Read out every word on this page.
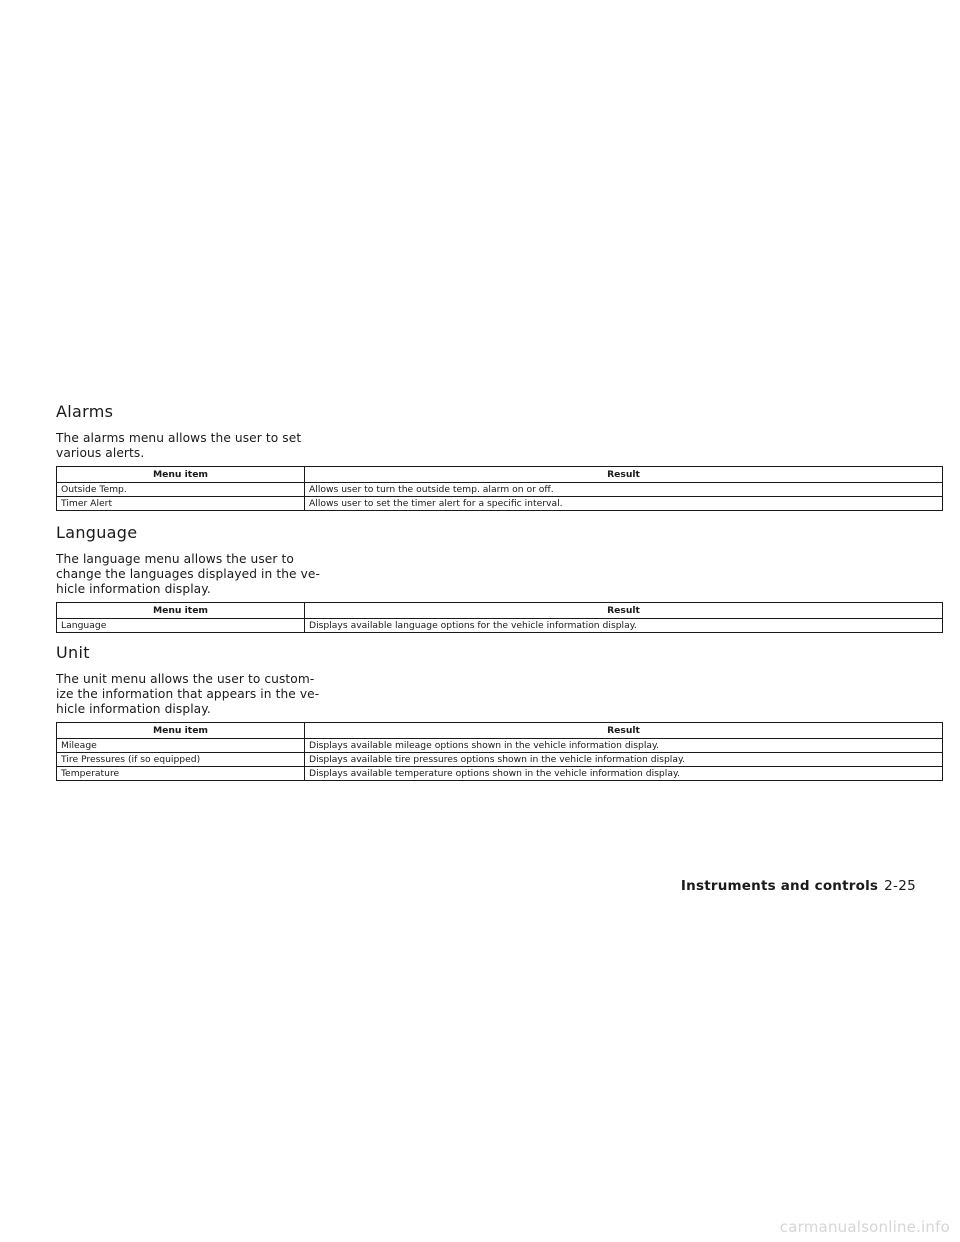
Alarms
The alarms menu allows the user to set
various alerts.
Menu item	Result
Outside Temp.	Allows user to turn the outside temp. alarm on or off.
Timer Alert	Allows user to set the timer alert for a specific interval.
Language
The language menu allows the user to
change the languages displayed in the ve-
hicle information display.
Menu item	Result
Language	Displays available language options for the vehicle information display.
Unit
The unit menu allows the user to custom-
ize the information that appears in the ve-
hicle information display.
Menu item	Result
Mileage	Displays available mileage options shown in the vehicle information display.
Tire Pressures (if so equipped)	Displays available tire pressures options shown in the vehicle information display.
Temperature	Displays available temperature options shown in the vehicle information display.
Instruments and controls 2-25
carmanualsonline.info
